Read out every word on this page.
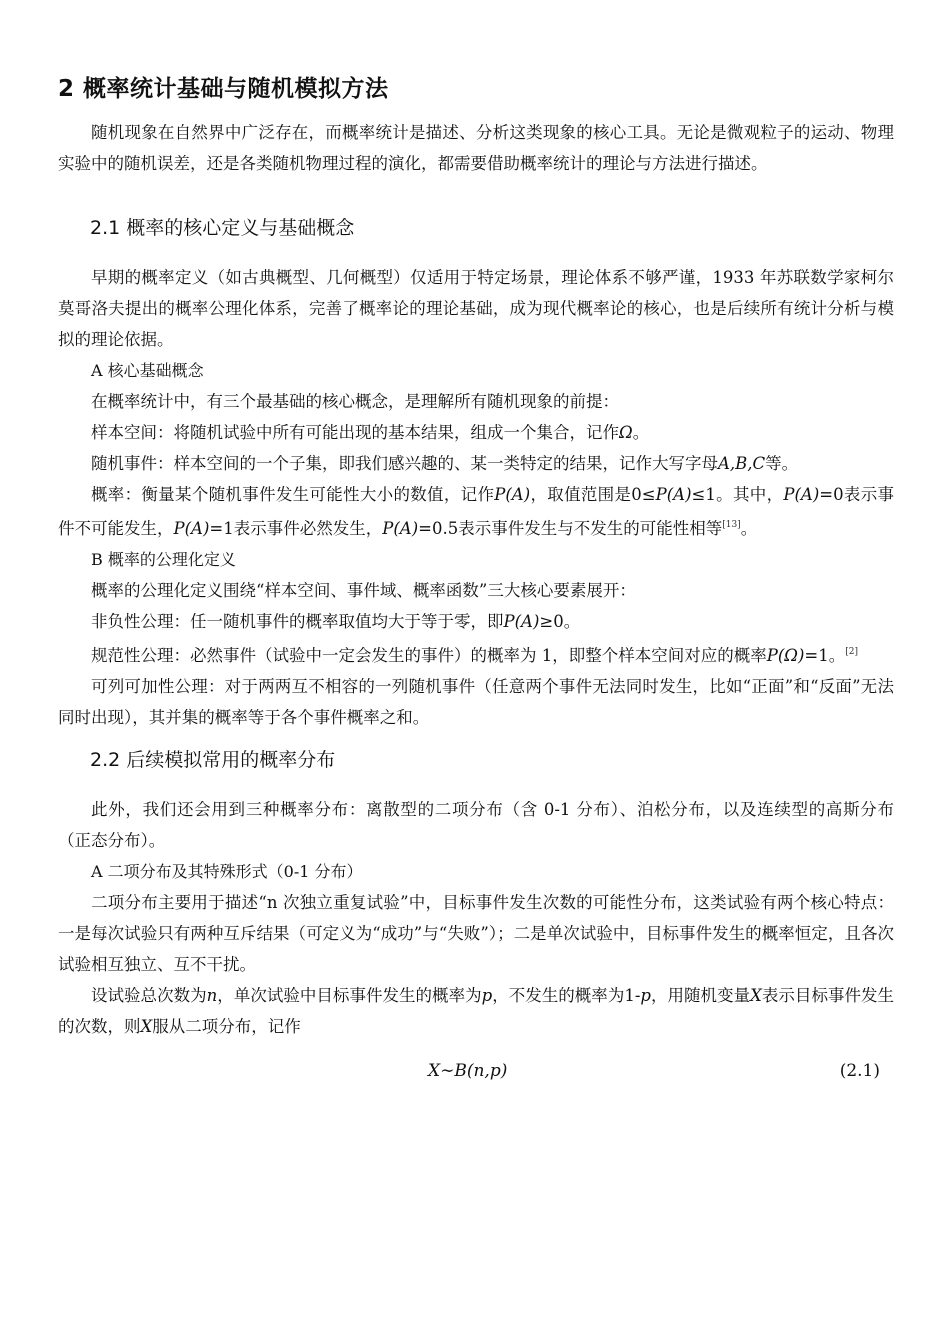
2 概率统计基础与随机模拟方法

随机现象在自然界中广泛存在，而概率统计是描述、分析这类现象的核心工具。无论是微观粒子的运动、物理实验中的随机误差，还是各类随机物理过程的演化，都需要借助概率统计的理论与方法进行描述。

2.1 概率的核心定义与基础概念

早期的概率定义（如古典概型、几何概型）仅适用于特定场景，理论体系不够严谨，1933 年苏联数学家柯尔莫哥洛夫提出的概率公理化体系，完善了概率论的理论基础，成为现代概率论的核心，也是后续所有统计分析与模拟的理论依据。

A 核心基础概念

在概率统计中，有三个最基础的核心概念，是理解所有随机现象的前提：

样本空间：将随机试验中所有可能出现的基本结果，组成一个集合，记作Ω。

随机事件：样本空间的一个子集，即我们感兴趣的、某一类特定的结果，记作大写字母A,B,C等。

概率：衡量某个随机事件发生可能性大小的数值，记作P(A)，取值范围是0≤P(A)≤1。其中，P(A)=0表示事件不可能发生，P(A)=1表示事件必然发生，P(A)=0.5表示事件发生与不发生的可能性相等[13]。

B 概率的公理化定义

概率的公理化定义围绕“样本空间、事件域、概率函数”三大核心要素展开：

非负性公理：任一随机事件的概率取值均大于等于零，即P(A)≥0。

规范性公理：必然事件（试验中一定会发生的事件）的概率为 1，即整个样本空间对应的概率P(Ω)=1。[2]

可列可加性公理：对于两两互不相容的一列随机事件（任意两个事件无法同时发生，比如“正面”和“反面”无法同时出现），其并集的概率等于各个事件概率之和。

2.2 后续模拟常用的概率分布

此外，我们还会用到三种概率分布：离散型的二项分布（含 0-1 分布）、泊松分布，以及连续型的高斯分布（正态分布）。

A 二项分布及其特殊形式（0-1 分布）

二项分布主要用于描述“n 次独立重复试验”中，目标事件发生次数的可能性分布，这类试验有两个核心特点：一是每次试验只有两种互斥结果（可定义为“成功”与“失败”）；二是单次试验中，目标事件发生的概率恒定，且各次试验相互独立、互不干扰。

设试验总次数为n，单次试验中目标事件发生的概率为p，不发生的概率为1-p，用随机变量X表示目标事件发生的次数，则X服从二项分布，记作

X∼B(n,p)	(2.1)
